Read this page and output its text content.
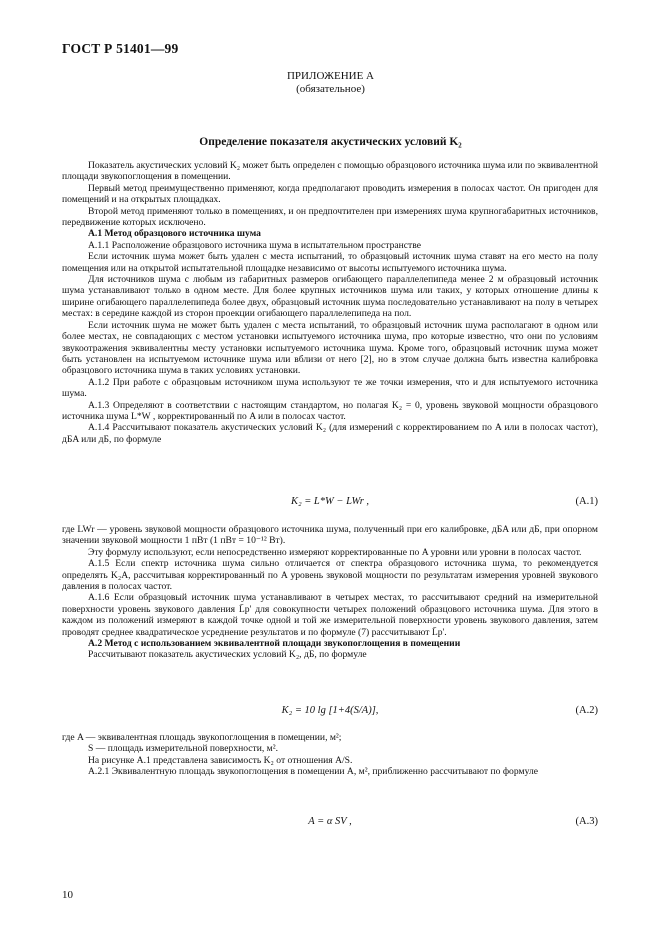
ГОСТ Р 51401—99
ПРИЛОЖЕНИЕ А
(обязательное)
Определение показателя акустических условий K₂

Показатель акустических условий K₂ может быть определен с помощью образцового источника шума или по эквивалентной площади звукопоглощения в помещении.

Первый метод преимущественно применяют, когда предполагают проводить измерения в полосах частот. Он пригоден для помещений и на открытых площадках.

Второй метод применяют только в помещениях, и он предпочтителен при измерениях шума крупногабаритных источников, передвижение которых исключено.

А.1 Метод образцового источника шума

А.1.1 Расположение образцового источника шума в испытательном пространстве

Если источник шума может быть удален с места испытаний, то образцовый источник шума ставят на его место на полу помещения или на открытой испытательной площадке независимо от высоты испытуемого источника шума.

Для источников шума с любым из габаритных размеров огибающего параллелепипеда менее 2 м образцовый источник шума устанавливают только в одном месте. Для более крупных источников шума или таких, у которых отношение длины к ширине огибающего параллелепипеда более двух, образцовый источник шума последовательно устанавливают на полу в четырех местах: в середине каждой из сторон проекции огибающего параллелепипеда на пол.

Если источник шума не может быть удален с места испытаний, то образцовый источник шума располагают в одном или более местах, не совпадающих с местом установки испытуемого источника шума, про которые известно, что они по условиям звукоотражения эквивалентны месту установки испытуемого источника шума. Кроме того, образцовый источник шума может быть установлен на испытуемом источнике шума или вблизи от него [2], но в этом случае должна быть известна калибровка образцового источника шума в таких условиях установки.

А.1.2 При работе с образцовым источником шума используют те же точки измерения, что и для испытуемого источника шума.

А.1.3 Определяют в соответствии с настоящим стандартом, но полагая K₂ = 0, уровень звуковой мощности образцового источника шума L*W , корректированный по A или в полосах частот.

А.1.4 Рассчитывают показатель акустических условий K₂ (для измерений с корректированием по A или в полосах частот), дБA или дБ, по формуле

K₂ = L*W − LWr ,	(А.1)

где LWr — уровень звуковой мощности образцового источника шума, полученный при его калибровке, дБA или дБ, при опорном значении звуковой мощности 1 пВт (1 пВт = 10⁻¹² Вт).

Эту формулу используют, если непосредственно измеряют корректированные по A уровни или уровни в полосах частот.

А.1.5 Если спектр источника шума сильно отличается от спектра образцового источника шума, то рекомендуется определять K₂A, рассчитывая корректированный по A уровень звуковой мощности по результатам измерения уровней звукового давления в полосах частот.

А.1.6 Если образцовый источник шума устанавливают в четырех местах, то рассчитывают средний на измерительной поверхности уровень звукового давления L̄p' для совокупности четырех положений образцового источника шума. Для этого в каждом из положений измеряют в каждой точке одной и той же измерительной поверхности уровень звукового давления, затем проводят среднее квадратическое усреднение результатов и по формуле (7) рассчитывают L̄p'.

А.2 Метод с использованием эквивалентной площади звукопоглощения в помещении

Рассчитывают показатель акустических условий K₂, дБ, по формуле

K₂ = 10 lg [1+4(S/A)],	(А.2)

где A — эквивалентная площадь звукопоглощения в помещении, м²;

S — площадь измерительной поверхности, м².

На рисунке А.1 представлена зависимость K₂ от отношения A/S.

А.2.1 Эквивалентную площадь звукопоглощения в помещении A, м², приближенно рассчитывают по формуле

A = α SV ,	(А.3)
10
